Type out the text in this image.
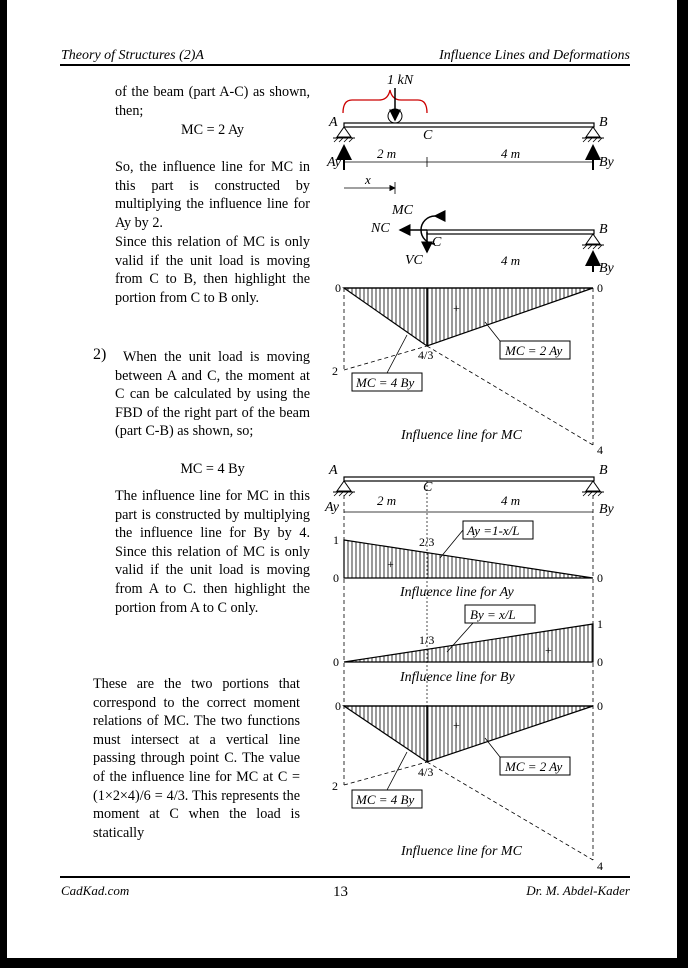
Theory of Structures (2)A	Influence Lines and Deformations
of the beam (part A-C) as shown, then;
MC = 2 Ay
So, the influence line for MC in this part is constructed by multiplying the influence line for Ay by 2.
Since this relation of MC is only valid if the unit load is moving from C to B, then highlight the portion from C to B only.
2)	When the unit load is moving between A and C, the moment at C can be calculated by using the FBD of the right part of the beam (part C-B) as shown, so;
MC = 4 By
The influence line for MC in this part is constructed by multiplying the influence line for By by 4. Since this relation of MC is only valid if the unit load is moving from A to C. then highlight the portion from A to C only.
These are the two portions that correspond to the correct moment relations of MC. The two functions must intersect at a vertical line passing through point C. The value of the influence line for MC at C = (1×2×4)/6 = 4/3. This represents the moment at C when the load is statically
1 kN
A	B
C
Ay	By
2 m	4 m
x
MC
NC
VC
C
B
By
4 m
0	0
2
4
4/3
+
MC = 2 Ay
MC = 4 By
Influence line for MC
A	B
C
Ay	By
2 m	4 m
1
0	0
2/3
+
Ay =1-x/L
Influence line for Ay
1
0	0
1/3
+
By = x/L
Influence line for By
0	0
2
4
4/3
+
MC = 2 Ay
MC = 4 By
Influence line for MC
CadKad.com	13	Dr. M. Abdel-Kader
